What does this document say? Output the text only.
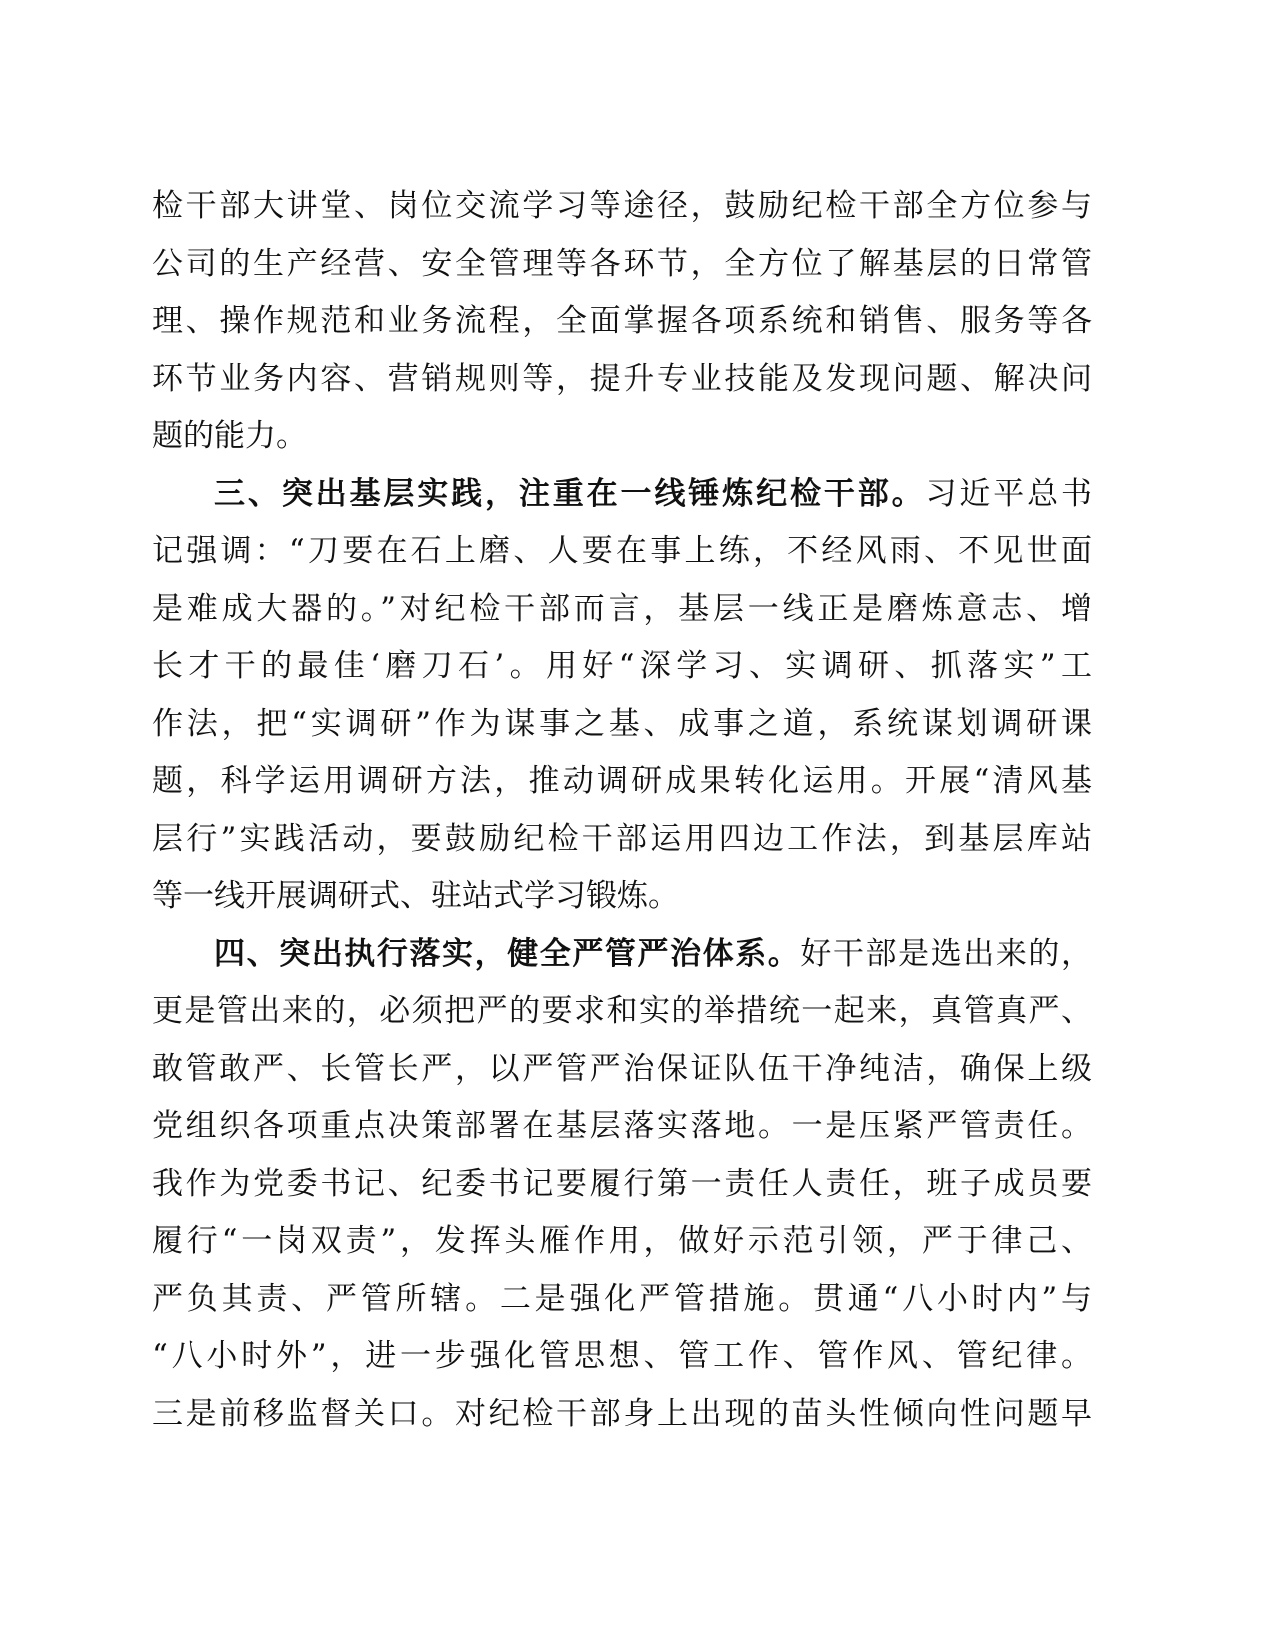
检干部大讲堂、岗位交流学习等途径，鼓励纪检干部全方位参与
公司的生产经营、安全管理等各环节，全方位了解基层的日常管
理、操作规范和业务流程，全面掌握各项系统和销售、服务等各
环节业务内容、营销规则等，提升专业技能及发现问题、解决问
题的能力。
三、突出基层实践，注重在一线锤炼纪检干部。习近平总书
记强调：“刀要在石上磨、人要在事上练，不经风雨、不见世面
是难成大器的。”对纪检干部而言，基层一线正是磨炼意志、增
长才干的最佳‘磨刀石’。用好“深学习、实调研、抓落实”工
作法，把“实调研”作为谋事之基、成事之道，系统谋划调研课
题，科学运用调研方法，推动调研成果转化运用。开展“清风基
层行”实践活动，要鼓励纪检干部运用四边工作法，到基层库站
等一线开展调研式、驻站式学习锻炼。
四、突出执行落实，健全严管严治体系。好干部是选出来的，
更是管出来的，必须把严的要求和实的举措统一起来，真管真严、
敢管敢严、长管长严，以严管严治保证队伍干净纯洁，确保上级
党组织各项重点决策部署在基层落实落地。一是压紧严管责任。
我作为党委书记、纪委书记要履行第一责任人责任，班子成员要
履行“一岗双责”，发挥头雁作用，做好示范引领，严于律己、
严负其责、严管所辖。二是强化严管措施。贯通“八小时内”与
“八小时外”，进一步强化管思想、管工作、管作风、管纪律。
三是前移监督关口。对纪检干部身上出现的苗头性倾向性问题早
